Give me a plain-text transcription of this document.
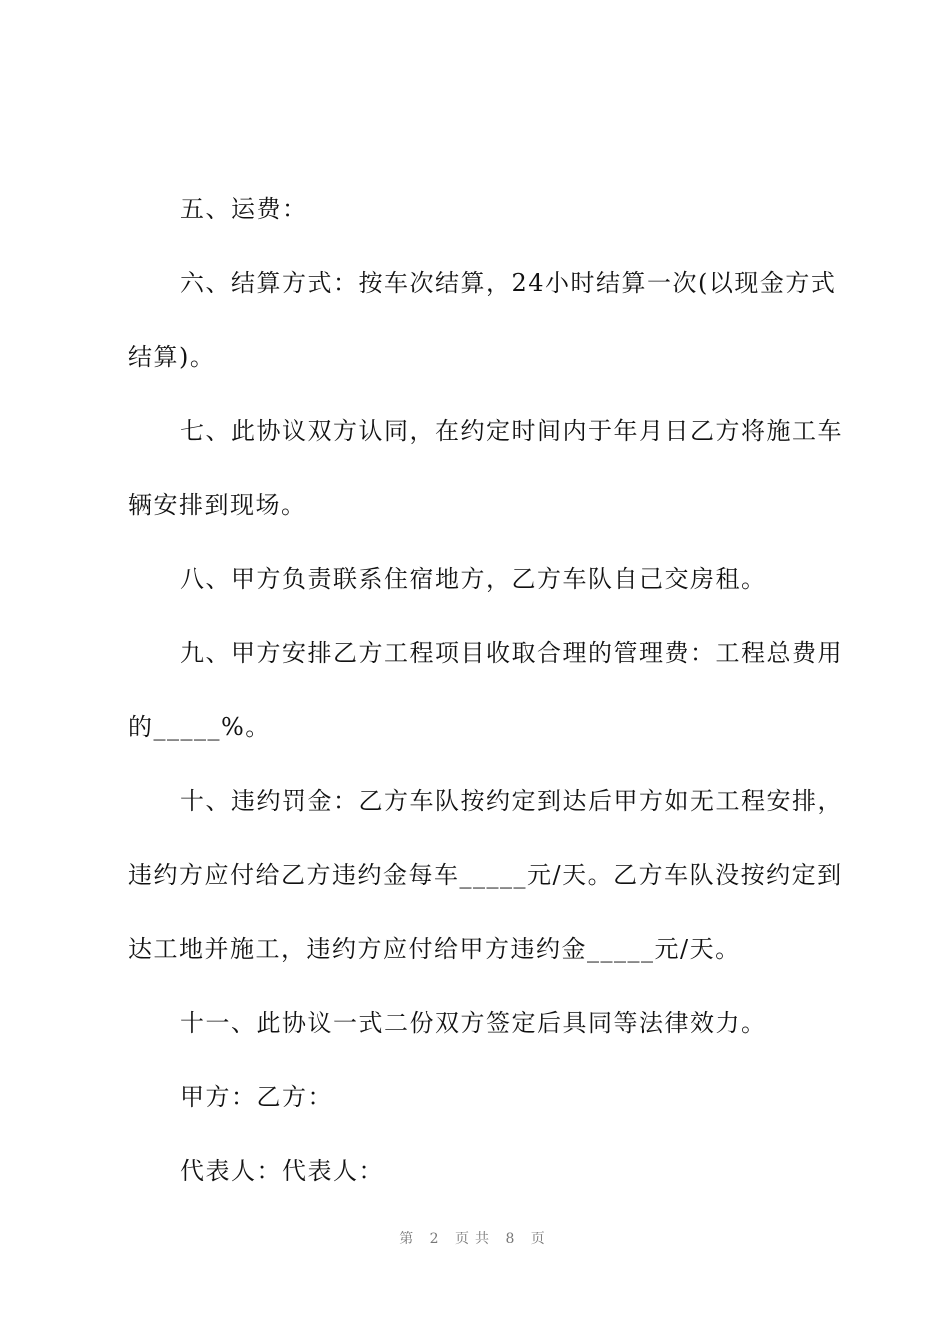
五、运费：

六、结算方式：按车次结算，24小时结算一次(以现金方式结算)。

七、此协议双方认同，在约定时间内于年月日乙方将施工车辆安排到现场。

八、甲方负责联系住宿地方，乙方车队自己交房租。

九、甲方安排乙方工程项目收取合理的管理费：工程总费用的_____%。

十、违约罚金：乙方车队按约定到达后甲方如无工程安排，违约方应付给乙方违约金每车_____元/天。乙方车队没按约定到达工地并施工，违约方应付给甲方违约金_____元/天。

十一、此协议一式二份双方签定后具同等法律效力。

甲方：乙方：

代表人：代表人：

第 2 页共 8 页
